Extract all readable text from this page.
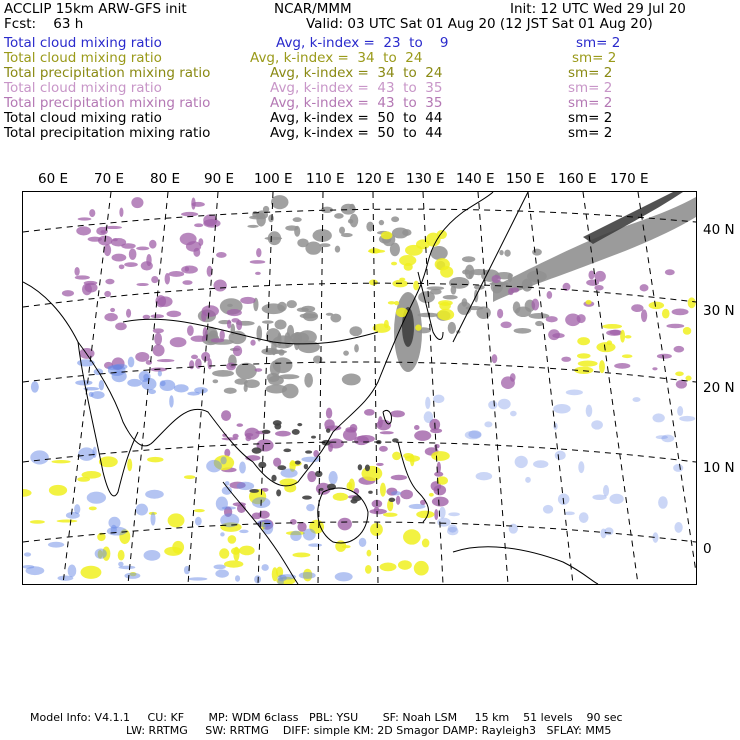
ACCLIP 15km ARW-GFS init	NCAR/MMM	Init: 12 UTC Wed 29 Jul 20
Fcst:    63 h	Valid: 03 UTC Sat 01 Aug 20 (12 JST Sat 01 Aug 20)
Total cloud mixing ratio	Avg, k-index =  23  to    9	sm= 2
Total cloud mixing ratio	Avg, k-index =  34  to  24	sm= 2
Total precipitation mixing ratio	Avg, k-index =  34  to  24	sm= 2
Total cloud mixing ratio	Avg, k-index =  43  to  35	sm= 2
Total precipitation mixing ratio	Avg, k-index =  43  to  35	sm= 2
Total cloud mixing ratio	Avg, k-index =  50  to  44	sm= 2
Total precipitation mixing ratio	Avg, k-index =  50  to  44	sm= 2
60 E 70 E 80 E 90 E 100 E 110 E 120 E 130 E 140 E 150 E 160 E 170 E
40 N
30 N
20 N
10 N
0
Model Info: V4.1.1     CU: KF       MP: WDM 6class   PBL: YSU       SF: Noah LSM     15 km    51 levels    90 sec
LW: RRTMG     SW: RRTMG    DIFF: simple KM: 2D Smagor DAMP: Rayleigh3   SFLAY: MM5
